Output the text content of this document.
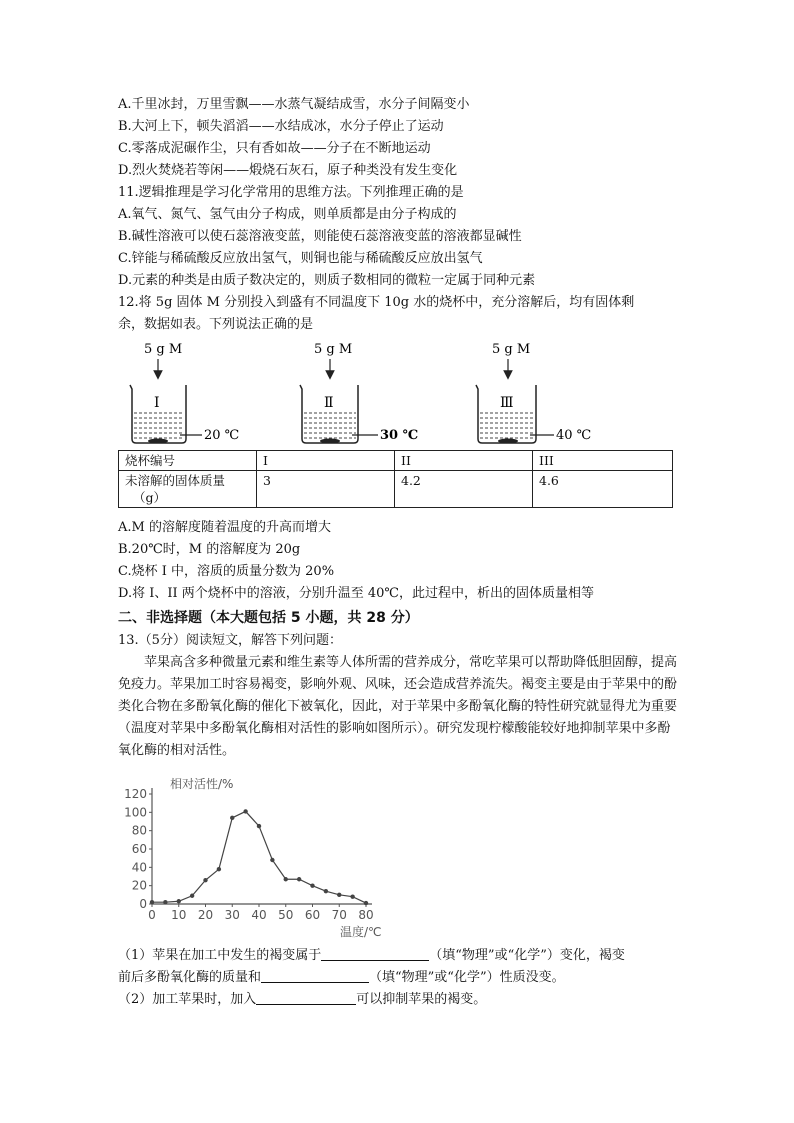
A.千里冰封，万里雪飘——水蒸气凝结成雪，水分子间隔变小
B.大河上下，顿失滔滔——水结成冰，水分子停止了运动
C.零落成泥碾作尘，只有香如故——分子在不断地运动
D.烈火焚烧若等闲——煅烧石灰石，原子种类没有发生变化
11.逻辑推理是学习化学常用的思维方法。下列推理正确的是
A.氧气、氮气、氢气由分子构成，则单质都是由分子构成的
B.碱性溶液可以使石蕊溶液变蓝，则能使石蕊溶液变蓝的溶液都显碱性
C.锌能与稀硫酸反应放出氢气，则铜也能与稀硫酸反应放出氢气
D.元素的种类是由质子数决定的，则质子数相同的微粒一定属于同种元素
12.将 5g 固体 M 分别投入到盛有不同温度下 10g 水的烧杯中，充分溶解后，均有固体剩
余，数据如表。下列说法正确的是
5 g M
I
20 ℃
5 g M
Ⅱ
30 ℃
5 g M
Ⅲ
40 ℃
烧杯编号	I	II	III

未溶解的固体质量
（g）	3	4.2	4.6
A.M 的溶解度随着温度的升高而增大
B.20℃时，M 的溶解度为 20g
C.烧杯 I 中，溶质的质量分数为 20%
D.将 I、II 两个烧杯中的溶液，分别升温至 40℃，此过程中，析出的固体质量相等
二、非选择题（本大题包括 5 小题，共 28 分）
13.（5分）阅读短文，解答下列问题：
苹果高含多种微量元素和维生素等人体所需的营养成分，常吃苹果可以帮助降低胆固醇，提高免疫力。苹果加工时容易褐变，影响外观、风味，还会造成营养流失。褐变主要是由于苹果中的酚类化合物在多酚氧化酶的催化下被氧化，因此，对于苹果中多酚氧化酶的特性研究就显得尤为重要（温度对苹果中多酚氧化酶相对活性的影响如图所示）。研究发现柠檬酸能较好地抑制苹果中多酚氧化酶的相对活性。
相对活性/%
温度/℃
0
20
40
60
80
100
120
0 10 20 30 40 50 60 70 80
（1）苹果在加工中发生的褐变属于	（填“物理”或“化学”）变化，褐变
前后多酚氧化酶的质量和	（填“物理”或“化学”）性质没变。
（2）加工苹果时，加入	可以抑制苹果的褐变。
